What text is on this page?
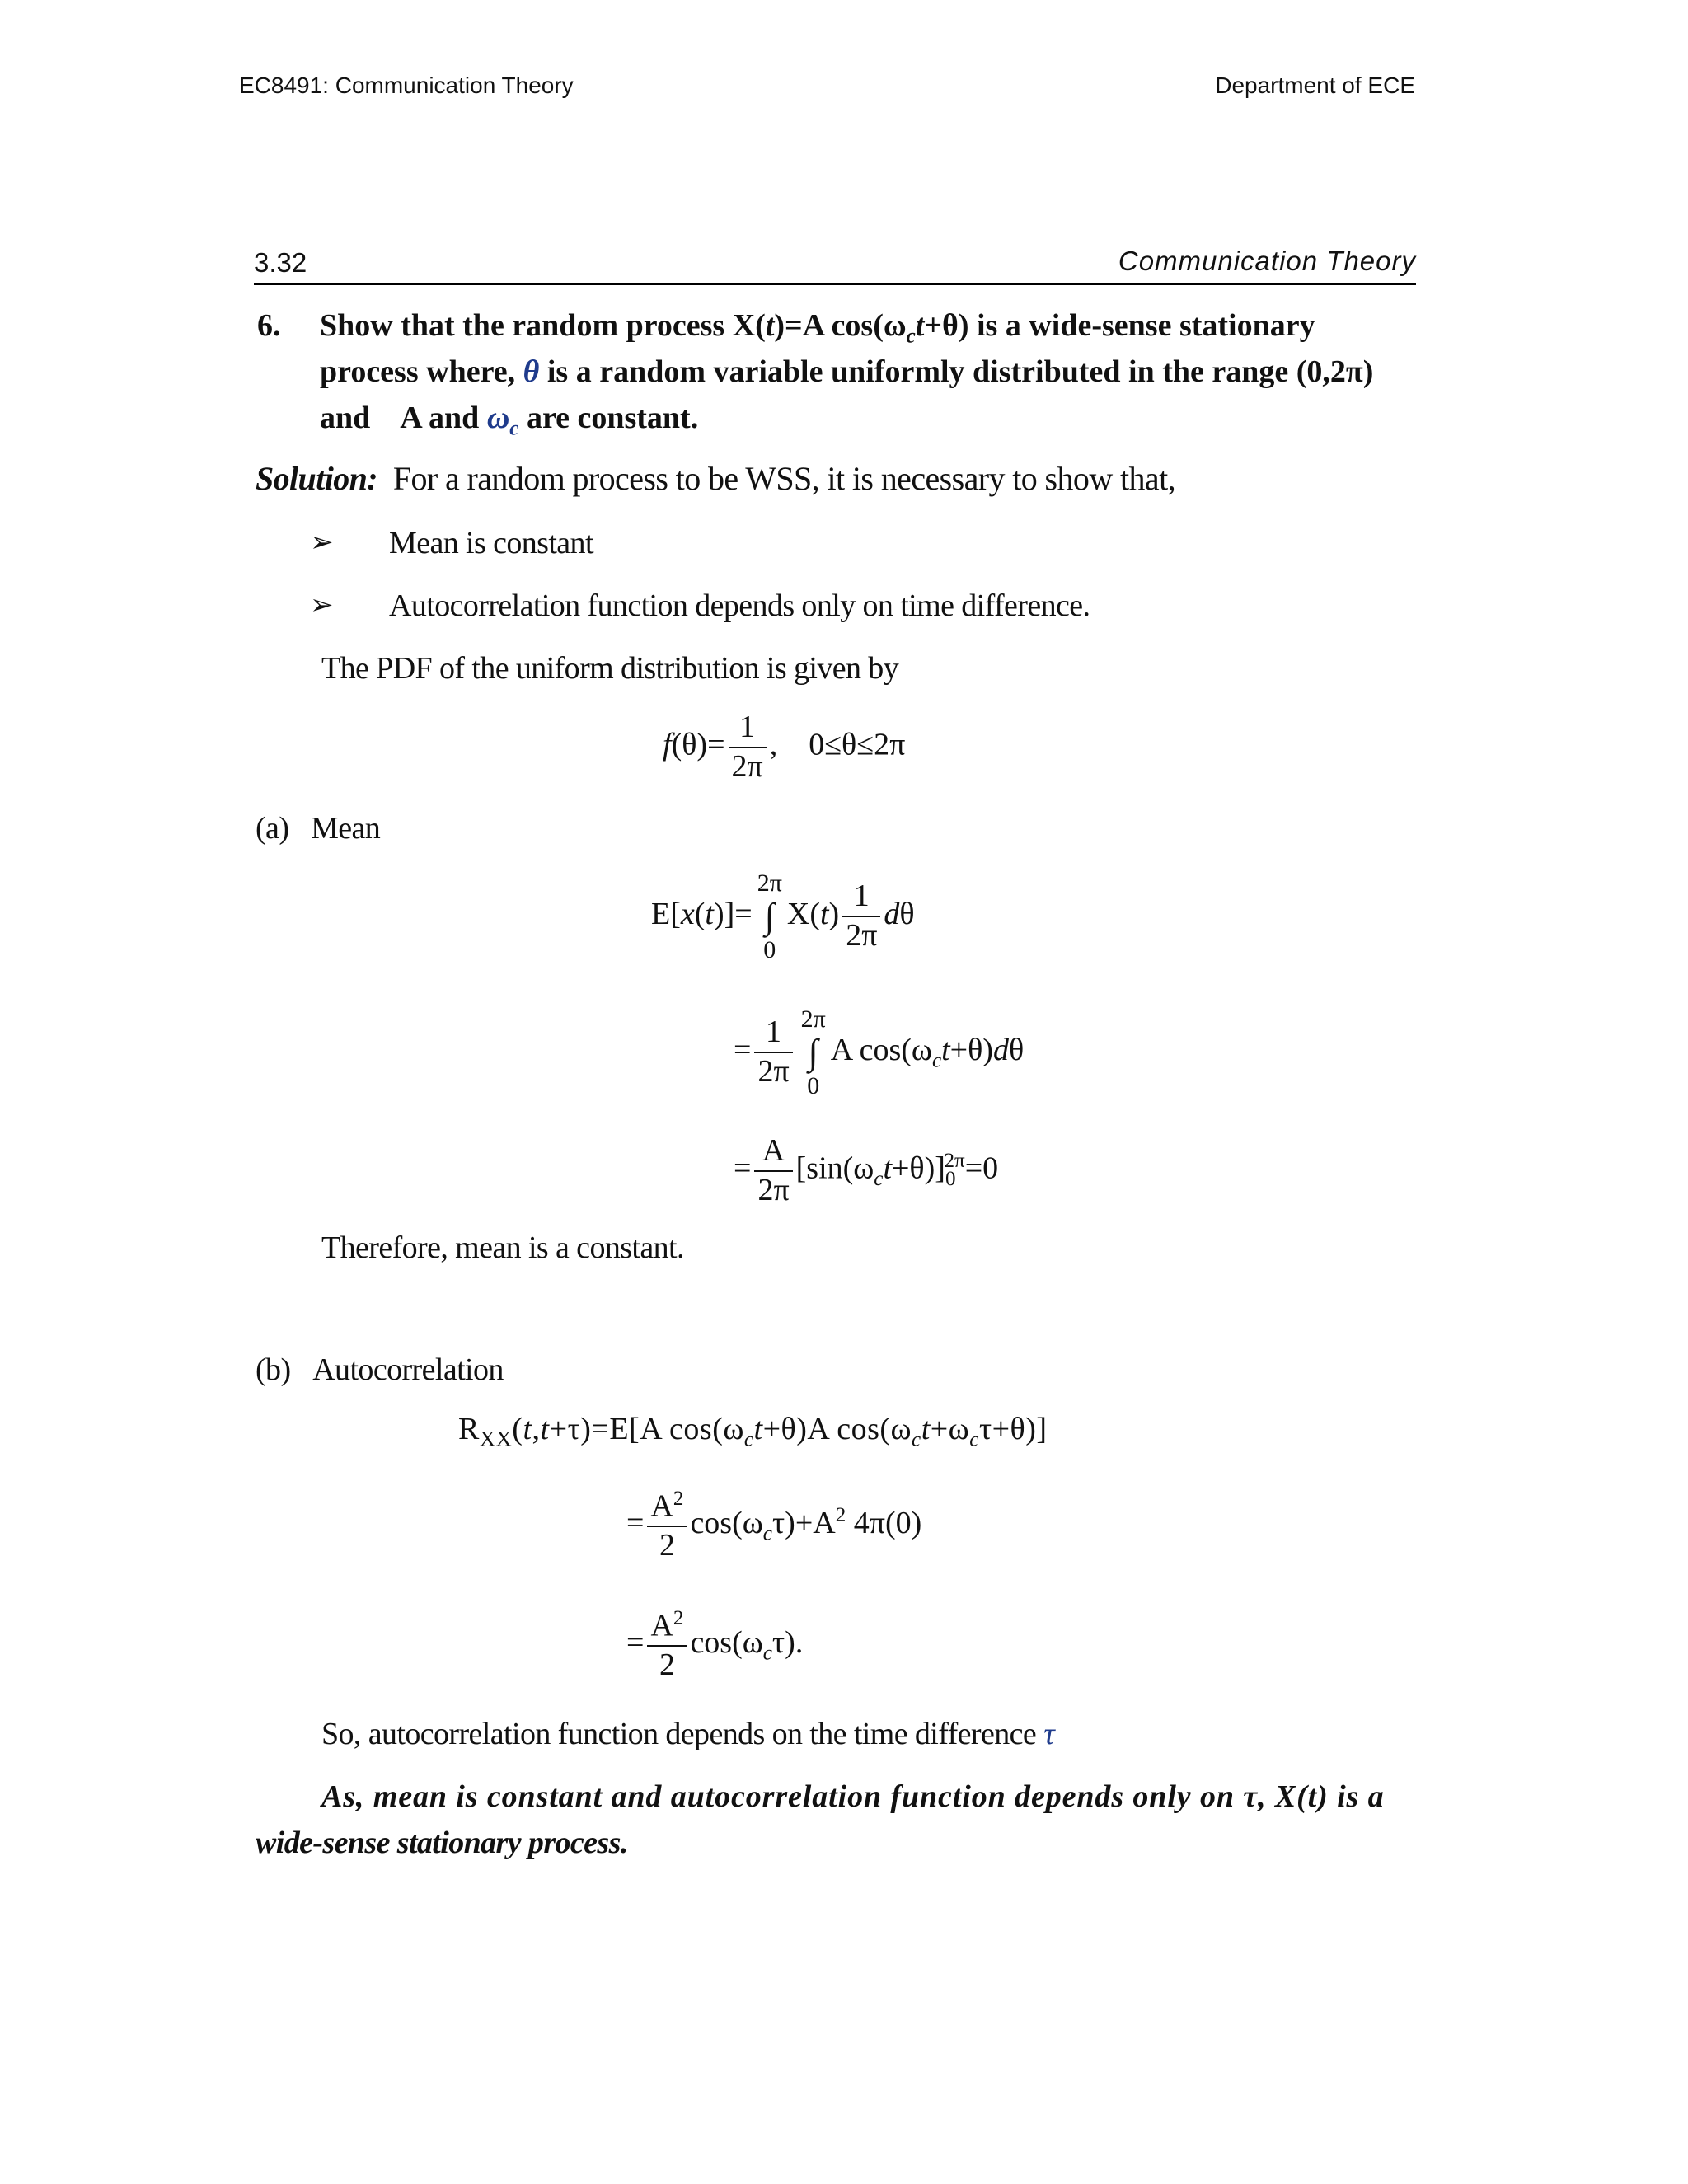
EC8491: Communication Theory	Department of ECE
3.32	Communication Theory
6. Show that the random process X(t)=A $\cos(\omega_ct+\theta)$ is a wide-sense stationary
process where, θ is a random variable uniformly distributed in the range (0,2π)
and A and $\omega_c$ are constant.
Solution: For a random process to be WSS, it is necessary to show that,
➢ Mean is constant
➢ Autocorrelation function depends only on time difference.
The PDF of the uniform distribution is given by
$f(\theta)= \frac{1}{2\pi}$ ,    0≤θ≤2π
(a) Mean
E[x(t)]=
2π
∫
0
$X(t) \frac{1}{2\pi}$ dθ
= $\frac{1}{2\pi} 2\pi$
∫
0
A $\cos(\omega_ct+\theta)d\theta$
= $\frac{A}{2\pi} [\sin(\omega_ct+\theta)]_0^{2\pi}=0$
Therefore, mean is a constant.
(b) Autocorrelation
$R_{XX}(t,t+\tau)=E[A$ $\cos(\omega_ct+\theta)A$ $\cos(\omega_ct+\omega_c\tau+\theta)$]
= $\frac{A^2}{2} \cos(\omega_c\tau)+A^2$ 4π(0)
= $\frac{A^2}{2} \cos(\omega_c\tau)$.
So, autocorrelation function depends on the time difference τ
As, mean is constant and autocorrelation function depends only on τ, X(t) is a
wide-sense stationary process.
